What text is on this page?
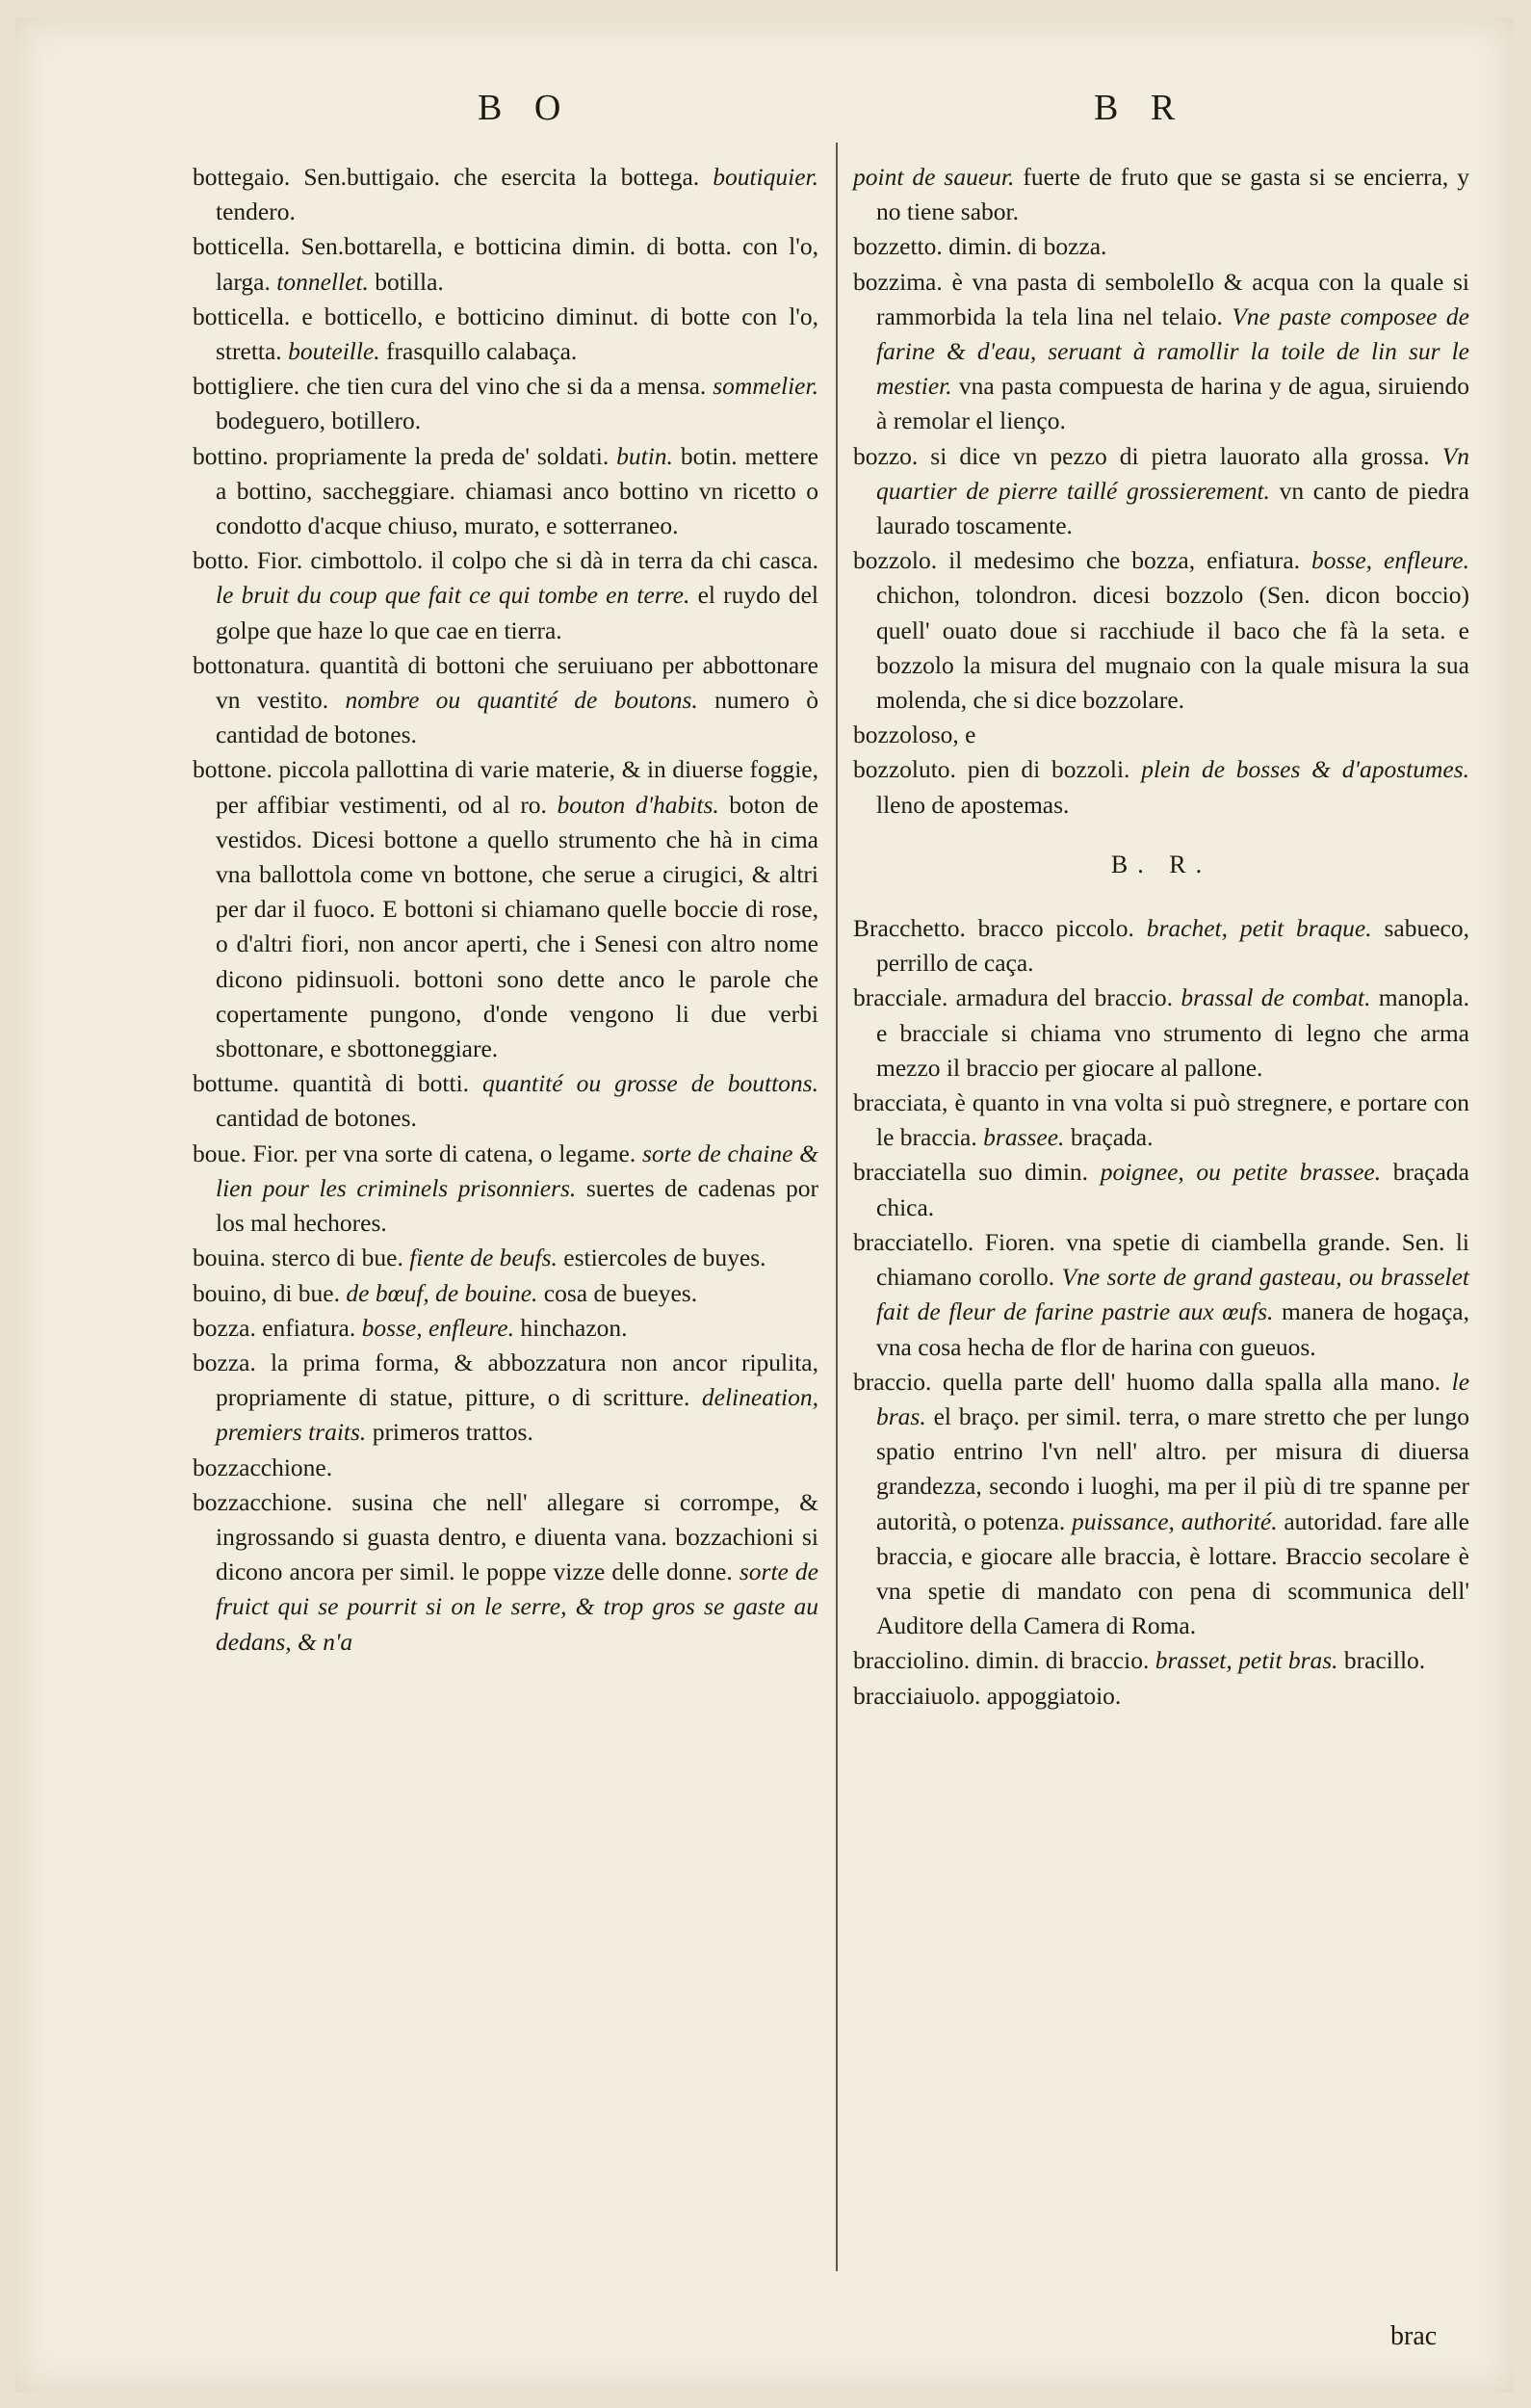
B O	B R

bottegaio. Sen.buttigaio. che esercita la bottega. boutiquier. tendero.

botticella. Sen.bottarella, e botticina dimin. di botta. con l'o, larga. tonnellet. botilla.

botticella. e botticello, e botticino diminut. di botte con l'o, stretta. bouteille. frasquillo calabaça.

bottigliere. che tien cura del vino che si da a mensa. sommelier. bodeguero, botillero.

bottino. propriamente la preda de' soldati. butin. botin. mettere a bottino, saccheggiare. chiamasi anco bottino vn ricetto o condotto d'acque chiuso, murato, e sotterraneo.

botto. Fior. cimbottolo. il colpo che si dà in terra da chi casca. le bruit du coup que fait ce qui tombe en terre. el ruydo del golpe que haze lo que cae en tierra.

bottonatura. quantità di bottoni che seruiuano per abbottonare vn vestito. nombre ou quantité de boutons. numero ò cantidad de botones.

bottone. piccola pallottina di varie materie, & in diuerse foggie, per affibiar vestimenti, od al ro. bouton d'habits. boton de vestidos. Dicesi bottone a quello strumento che hà in cima vna ballottola come vn bottone, che serue a cirugici, & altri per dar il fuoco. E bottoni si chiamano quelle boccie di rose, o d'altri fiori, non ancor aperti, che i Senesi con altro nome dicono pidinsuoli. bottoni sono dette anco le parole che copertamente pungono, d'onde vengono li due verbi sbottonare, e sbottoneggiare.

bottume. quantità di botti. quantité ou grosse de bouttons. cantidad de botones.

boue. Fior. per vna sorte di catena, o legame. sorte de chaine & lien pour les criminels prisonniers. suertes de cadenas por los mal hechores.

bouina. sterco di bue. fiente de beufs. estiercoles de buyes.

bouino, di bue. de bœuf, de bouine. cosa de bueyes.

bozza. enfiatura. bosse, enfleure. hinchazon.

bozza. la prima forma, & abbozzatura non ancor ripulita, propriamente di statue, pitture, o di scritture. delineation, premiers traits. primeros trattos.

bozzacchione.

bozzacchione. susina che nell' allegare si corrompe, & ingrossando si guasta dentro, e diuenta vana. bozzachioni si dicono ancora per simil. le poppe vizze delle donne. sorte de fruict qui se pourrit si on le serre, & trop gros se gaste au dedans, & n'a

point de saueur. fuerte de fruto que se gasta si se encierra, y no tiene sabor.

bozzetto. dimin. di bozza.

bozzima. è vna pasta di semboleIlo & acqua con la quale si rammorbida la tela lina nel telaio. Vne paste composee de farine & d'eau, seruant à ramollir la toile de lin sur le mestier. vna pasta compuesta de harina y de agua, siruiendo à remolar el lienço.

bozzo. si dice vn pezzo di pietra lauorato alla grossa. Vn quartier de pierre taillé grossierement. vn canto de piedra laurado toscamente.

bozzolo. il medesimo che bozza, enfiatura. bosse, enfleure. chichon, tolondron. dicesi bozzolo (Sen. dicon boccio) quell' ouato doue si racchiude il baco che fà la seta. e bozzolo la misura del mugnaio con la quale misura la sua molenda, che si dice bozzolare.

bozzoloso, e

bozzoluto. pien di bozzoli. plein de bosses & d'apostumes. lleno de apostemas.

B. R.

Bracchetto. bracco piccolo. brachet, petit braque. sabueco, perrillo de caça.

bracciale. armadura del braccio. brassal de combat. manopla. e bracciale si chiama vno strumento di legno che arma mezzo il braccio per giocare al pallone.

bracciata, è quanto in vna volta si può stregnere, e portare con le braccia. brassee. braçada.

bracciatella suo dimin. poignee, ou petite brassee. braçada chica.

bracciatello. Fioren. vna spetie di ciambella grande. Sen. li chiamano corollo. Vne sorte de grand gasteau, ou brasselet fait de fleur de farine pastrie aux œufs. manera de hogaça, vna cosa hecha de flor de harina con gueuos.

braccio. quella parte dell' huomo dalla spalla alla mano. le bras. el braço. per simil. terra, o mare stretto che per lungo spatio entrino l'vn nell' altro. per misura di diuersa grandezza, secondo i luoghi, ma per il più di tre spanne per autorità, o potenza. puissance, authorité. autoridad. fare alle braccia, e giocare alle braccia, è lottare. Braccio secolare è vna spetie di mandato con pena di scommunica dell' Auditore della Camera di Roma.

bracciolino. dimin. di braccio. brasset, petit bras. bracillo.

bracciaiuolo. appoggiatoio.

brac
